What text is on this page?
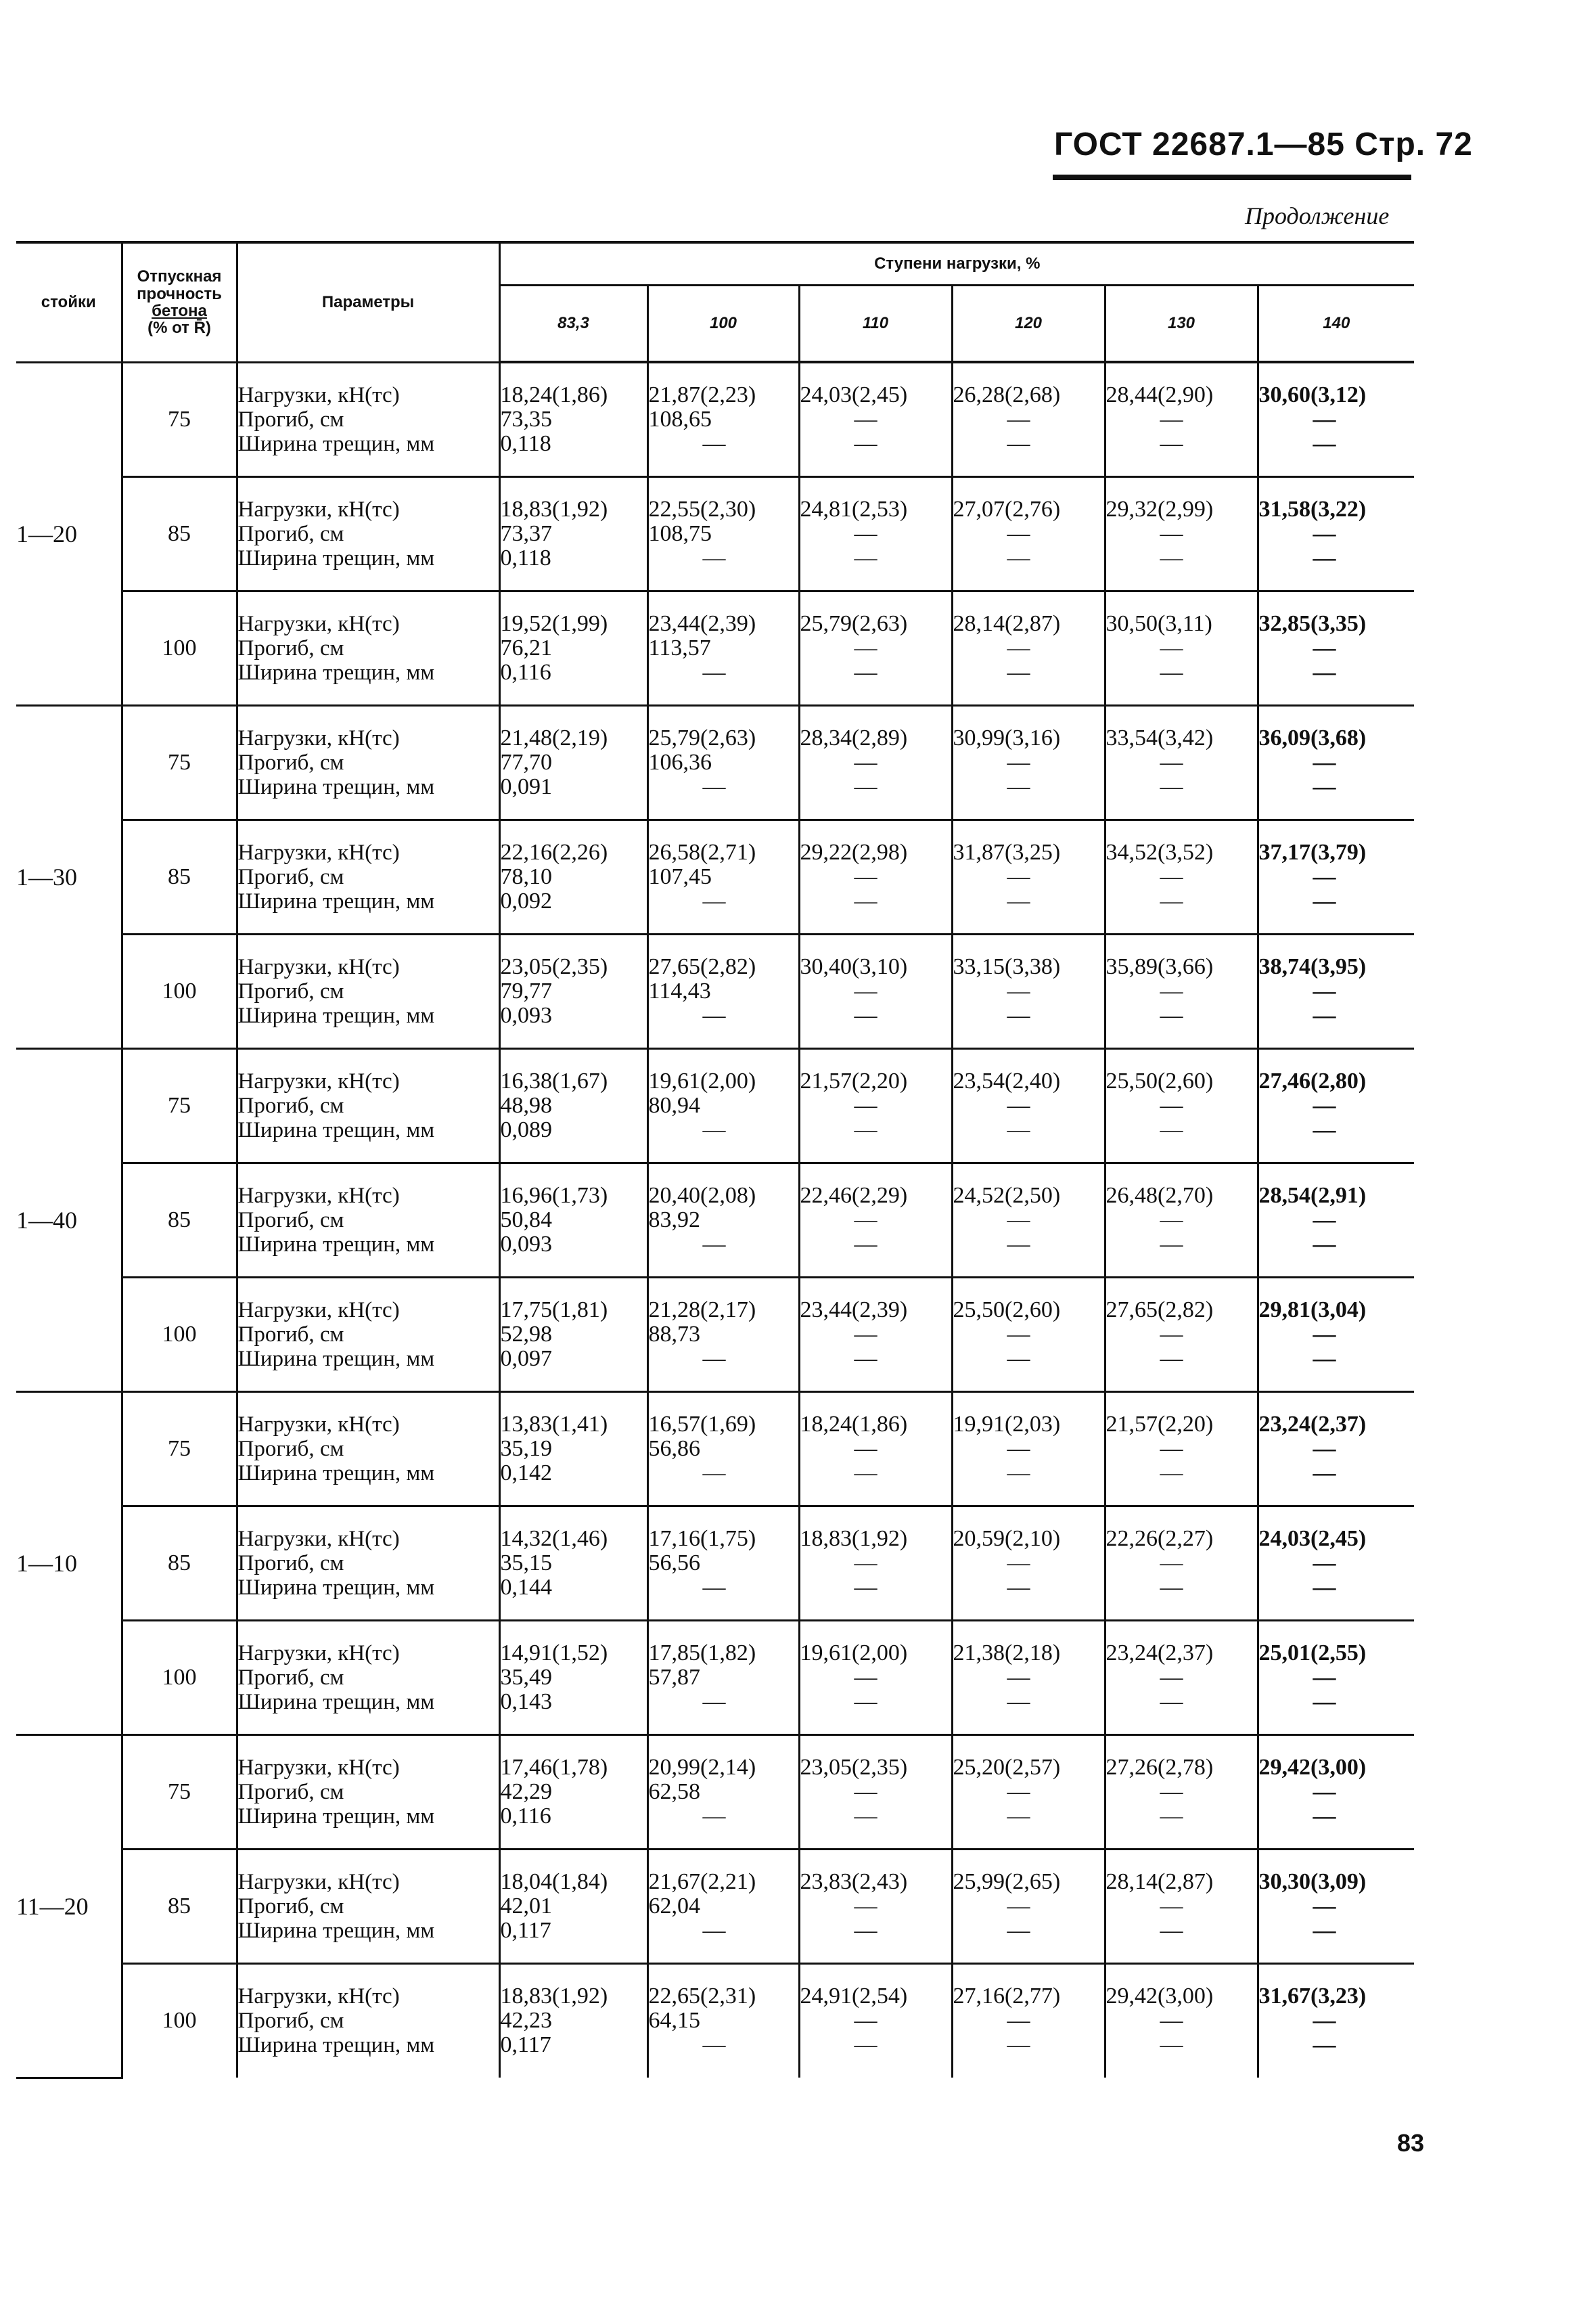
ГОСТ 22687.1—85 Стр. 72
Продолжение
стойки	Отпускная
прочность
бетона
(% от R̄)	Параметры	Ступени нагрузки, %					
			83,3	100	110	120	130	140
1—20	75	Нагрузки, кН(тс)
Прогиб, см
Ширина трещин, мм	18,24(1,86)
73,35
0,118	21,87(2,23)
108,65
—	24,03(2,45)
—
—	26,28(2,68)
—
—	28,44(2,90)
—
—	30,60(3,12)
—
—

	85	Нагрузки, кН(тс)
Прогиб, см
Ширина трещин, мм	18,83(1,92)
73,37
0,118	22,55(2,30)
108,75
—	24,81(2,53)
—
—	27,07(2,76)
—
—	29,32(2,99)
—
—	31,58(3,22)
—
—

	100	Нагрузки, кН(тс)
Прогиб, см
Ширина трещин, мм	19,52(1,99)
76,21
0,116	23,44(2,39)
113,57
—	25,79(2,63)
—
—	28,14(2,87)
—
—	30,50(3,11)
—
—	32,85(3,35)
—
—

1—30	75	Нагрузки, кН(тс)
Прогиб, см
Ширина трещин, мм	21,48(2,19)
77,70
0,091	25,79(2,63)
106,36
—	28,34(2,89)
—
—	30,99(3,16)
—
—	33,54(3,42)
—
—	36,09(3,68)
—
—

	85	Нагрузки, кН(тс)
Прогиб, см
Ширина трещин, мм	22,16(2,26)
78,10
0,092	26,58(2,71)
107,45
—	29,22(2,98)
—
—	31,87(3,25)
—
—	34,52(3,52)
—
—	37,17(3,79)
—
—

	100	Нагрузки, кН(тс)
Прогиб, см
Ширина трещин, мм	23,05(2,35)
79,77
0,093	27,65(2,82)
114,43
—	30,40(3,10)
—
—	33,15(3,38)
—
—	35,89(3,66)
—
—	38,74(3,95)
—
—

1—40	75	Нагрузки, кН(тс)
Прогиб, см
Ширина трещин, мм	16,38(1,67)
48,98
0,089	19,61(2,00)
80,94
—	21,57(2,20)
—
—	23,54(2,40)
—
—	25,50(2,60)
—
—	27,46(2,80)
—
—

	85	Нагрузки, кН(тс)
Прогиб, см
Ширина трещин, мм	16,96(1,73)
50,84
0,093	20,40(2,08)
83,92
—	22,46(2,29)
—
—	24,52(2,50)
—
—	26,48(2,70)
—
—	28,54(2,91)
—
—

	100	Нагрузки, кН(тс)
Прогиб, см
Ширина трещин, мм	17,75(1,81)
52,98
0,097	21,28(2,17)
88,73
—	23,44(2,39)
—
—	25,50(2,60)
—
—	27,65(2,82)
—
—	29,81(3,04)
—
—

1—10	75	Нагрузки, кН(тс)
Прогиб, см
Ширина трещин, мм	13,83(1,41)
35,19
0,142	16,57(1,69)
56,86
—	18,24(1,86)
—
—	19,91(2,03)
—
—	21,57(2,20)
—
—	23,24(2,37)
—
—

	85	Нагрузки, кН(тс)
Прогиб, см
Ширина трещин, мм	14,32(1,46)
35,15
0,144	17,16(1,75)
56,56
—	18,83(1,92)
—
—	20,59(2,10)
—
—	22,26(2,27)
—
—	24,03(2,45)
—
—

	100	Нагрузки, кН(тс)
Прогиб, см
Ширина трещин, мм	14,91(1,52)
35,49
0,143	17,85(1,82)
57,87
—	19,61(2,00)
—
—	21,38(2,18)
—
—	23,24(2,37)
—
—	25,01(2,55)
—
—

11—20	75	Нагрузки, кН(тс)
Прогиб, см
Ширина трещин, мм	17,46(1,78)
42,29
0,116	20,99(2,14)
62,58
—	23,05(2,35)
—
—	25,20(2,57)
—
—	27,26(2,78)
—
—	29,42(3,00)
—
—

	85	Нагрузки, кН(тс)
Прогиб, см
Ширина трещин, мм	18,04(1,84)
42,01
0,117	21,67(2,21)
62,04
—	23,83(2,43)
—
—	25,99(2,65)
—
—	28,14(2,87)
—
—	30,30(3,09)
—
—

	100	Нагрузки, кН(тс)
Прогиб, см
Ширина трещин, мм	18,83(1,92)
42,23
0,117	22,65(2,31)
64,15
—	24,91(2,54)
—
—	27,16(2,77)
—
—	29,42(3,00)
—
—	31,67(3,23)
—
—
83
